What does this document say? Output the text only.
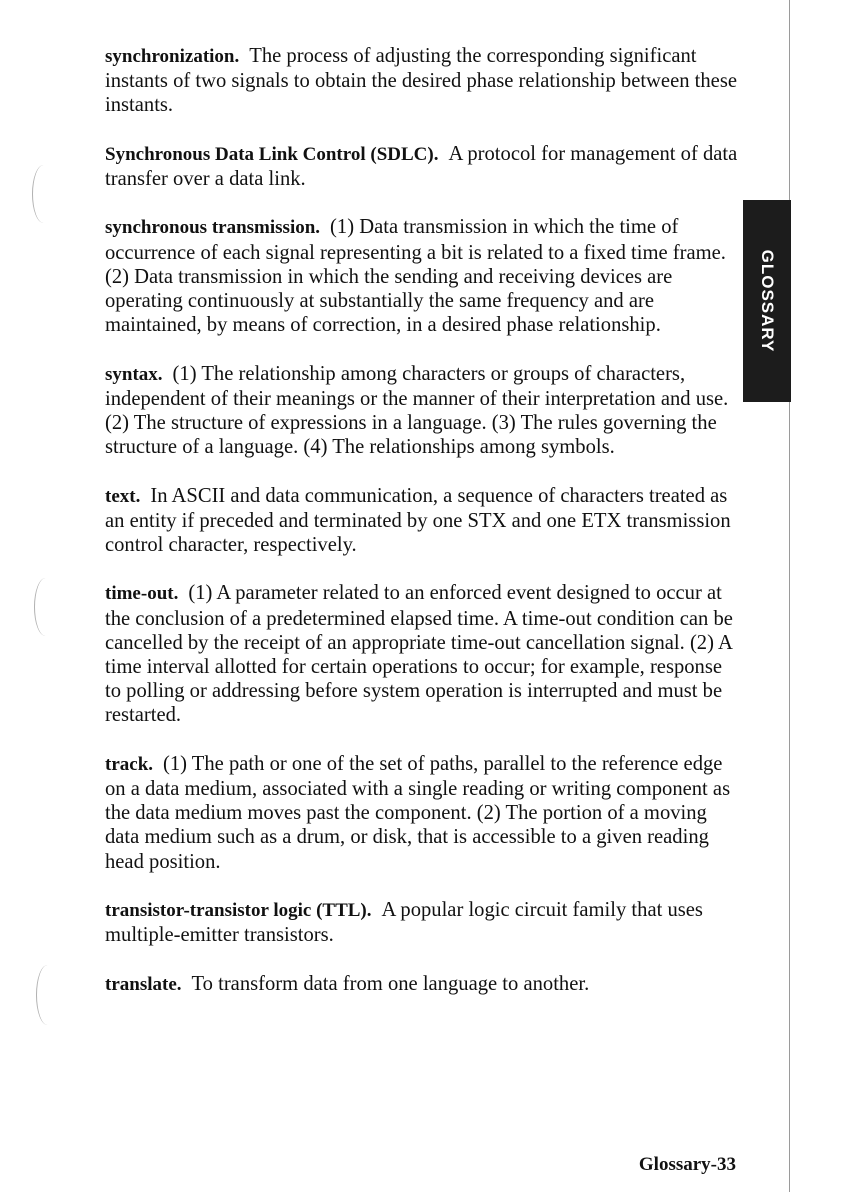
GLOSSARY

synchronization. The process of adjusting the corresponding significant instants of two signals to obtain the desired phase relationship between these instants.

Synchronous Data Link Control (SDLC). A protocol for management of data transfer over a data link.

synchronous transmission. (1) Data transmission in which the time of occurrence of each signal representing a bit is related to a fixed time frame. (2) Data transmission in which the sending and receiving devices are operating continuously at substantially the same frequency and are maintained, by means of correction, in a desired phase relationship.

syntax. (1) The relationship among characters or groups of characters, independent of their meanings or the manner of their interpretation and use. (2) The structure of expressions in a language. (3) The rules governing the structure of a language. (4) The relationships among symbols.

text. In ASCII and data communication, a sequence of characters treated as an entity if preceded and terminated by one STX and one ETX transmission control character, respectively.

time-out. (1) A parameter related to an enforced event designed to occur at the conclusion of a predetermined elapsed time. A time-out condition can be cancelled by the receipt of an appropriate time-out cancellation signal. (2) A time interval allotted for certain operations to occur; for example, response to polling or addressing before system operation is interrupted and must be restarted.

track. (1) The path or one of the set of paths, parallel to the reference edge on a data medium, associated with a single reading or writing component as the data medium moves past the component. (2) The portion of a moving data medium such as a drum, or disk, that is accessible to a given reading head position.

transistor-transistor logic (TTL). A popular logic circuit family that uses multiple-emitter transistors.

translate. To transform data from one language to another.

Glossary-33
